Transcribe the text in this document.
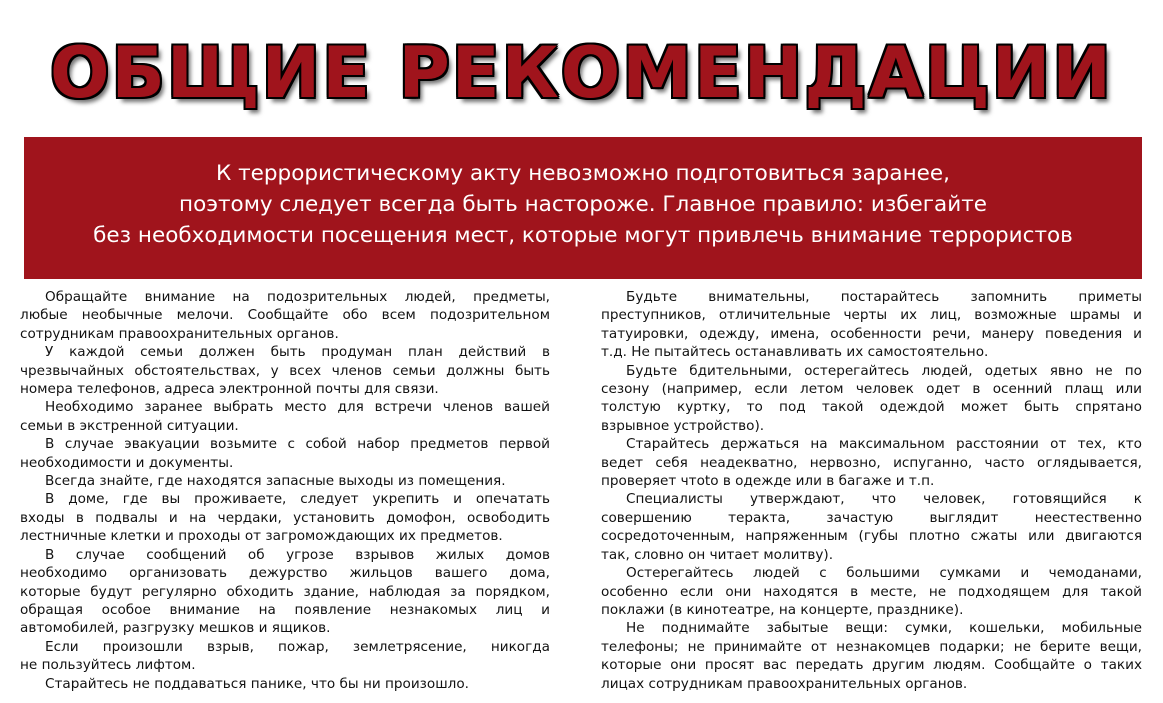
ОБЩИЕ РЕКОМЕНДАЦИИ
К террористическому акту невозможно подготовиться заранее,
поэтому следует всегда быть настороже. Главное правило: избегайте
без необходимости посещения мест, которые могут привлечь внимание террористов
Обращайте внимание на подозрительных людей, предметы,
любые необычные мелочи. Сообщайте обо всем подозрительном
сотрудникам правоохранительных органов.
У каждой семьи должен быть продуман план действий в
чрезвычайных обстоятельствах, у всех членов семьи должны быть
номера телефонов, адреса электронной почты для связи.
Необходимо заранее выбрать место для встречи членов вашей
семьи в экстренной ситуации.
В случае эвакуации возьмите с собой набор предметов первой
необходимости и документы.
Всегда знайте, где находятся запасные выходы из помещения.
В доме, где вы проживаете, следует укрепить и опечатать
входы в подвалы и на чердаки, установить домофон, освободить
лестничные клетки и проходы от загромождающих их предметов.
В случае сообщений об угрозе взрывов жилых домов
необходимо организовать дежурство жильцов вашего дома,
которые будут регулярно обходить здание, наблюдая за порядком,
обращая особое внимание на появление незнакомых лиц и
автомобилей, разгрузку мешков и ящиков.
Если произошли взрыв, пожар, землетрясение, никогда
не пользуйтесь лифтом.
Старайтесь не поддаваться панике, что бы ни произошло.
Будьте внимательны, постарайтесь запомнить приметы
преступников, отличительные черты их лиц, возможные шрамы и
татуировки, одежду, имена, особенности речи, манеру поведения и
т.д. Не пытайтесь останавливать их самостоятельно.
Будьте бдительными, остерегайтесь людей, одетых явно не по
сезону (например, если летом человек одет в осенний плащ или
толстую куртку, то под такой одеждой может быть спрятано
взрывное устройство).
Старайтесь держаться на максимальном расстоянии от тех, кто
ведет себя неадекватно, нервозно, испуганно, часто оглядывается,
проверяет чтоto в одежде или в багаже и т.п.
Специалисты утверждают, что человек, готовящийся к
совершению теракта, зачастую выглядит неестественно
сосредоточенным, напряженным (губы плотно сжаты или двигаются
так, словно он читает молитву).
Остерегайтесь людей с большими сумками и чемоданами,
особенно если они находятся в месте, не подходящем для такой
поклажи (в кинотеатре, на концерте, празднике).
Не поднимайте забытые вещи: сумки, кошельки, мобильные
телефоны; не принимайте от незнакомцев подарки; не берите вещи,
которые они просят вас передать другим людям. Сообщайте о таких
лицах сотрудникам правоохранительных органов.
